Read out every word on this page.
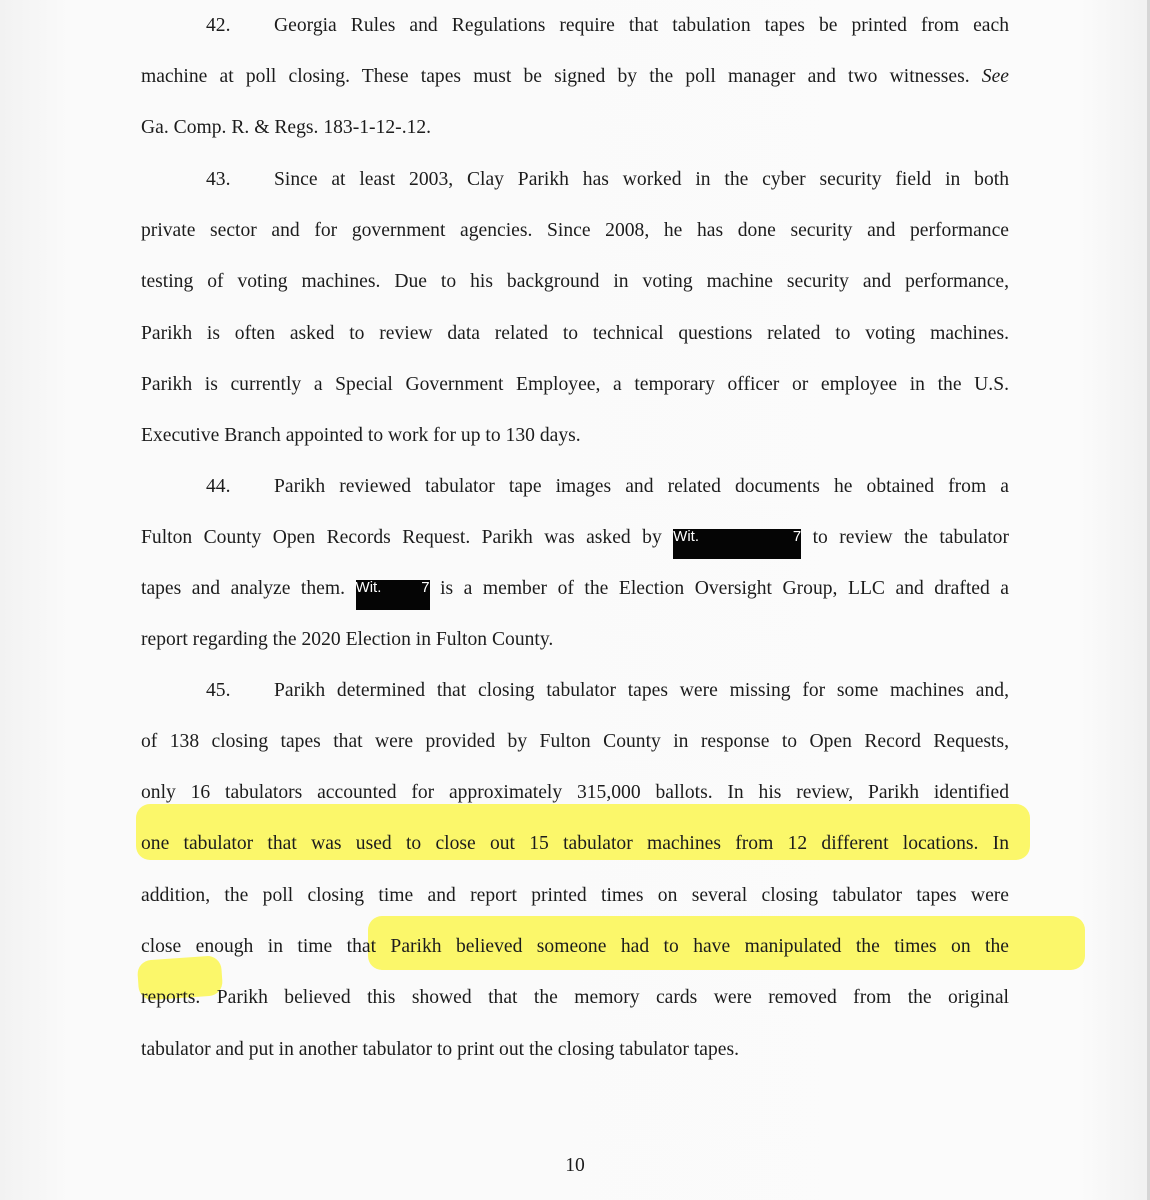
42. Georgia Rules and Regulations require that tabulation tapes be printed from each
machine at poll closing. These tapes must be signed by the poll manager and two witnesses. See
Ga. Comp. R. & Regs. 183-1-12-.12.
43. Since at least 2003, Clay Parikh has worked in the cyber security field in both
private sector and for government agencies. Since 2008, he has done security and performance
testing of voting machines. Due to his background in voting machine security and performance,
Parikh is often asked to review data related to technical questions related to voting machines.
Parikh is currently a Special Government Employee, a temporary officer or employee in the U.S.
Executive Branch appointed to work for up to 130 days.
44. Parikh reviewed tabulator tape images and related documents he obtained from a
Fulton County Open Records Request. Parikh was asked by Wit. 7 to review the tabulator
tapes and analyze them. Wit. 7 is a member of the Election Oversight Group, LLC and drafted a
report regarding the 2020 Election in Fulton County.
45. Parikh determined that closing tabulator tapes were missing for some machines and,
of 138 closing tapes that were provided by Fulton County in response to Open Record Requests,
only 16 tabulators accounted for approximately 315,000 ballots. In his review, Parikh identified
one tabulator that was used to close out 15 tabulator machines from 12 different locations. In
addition, the poll closing time and report printed times on several closing tabulator tapes were
close enough in time that Parikh believed someone had to have manipulated the times on the
reports. Parikh believed this showed that the memory cards were removed from the original
tabulator and put in another tabulator to print out the closing tabulator tapes.
10
